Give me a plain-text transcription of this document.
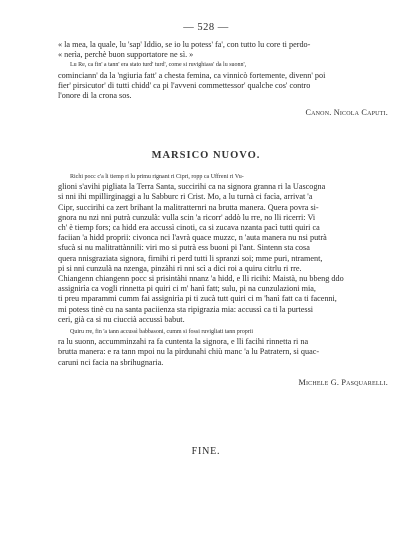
— 528 —
« la mea, la quale, lu 'sap' Iddio, se io lu potess' fa', con tutto lu core ti perdo-
« nerìa, perchè buon supportatore ne sì. »
Lu Re, ca fin' a tann' era stato turd' turd', come si ruvighiass' da lu suonn',
cominciann' da la 'ngiuria fatt' a chesta femina, ca vinnicò fortemente, divenn' poi
fier' pirsicutor' di tutti chidd' ca pi l'avveni commettessor' qualche cos' contro
l'onore di la crona sos.
Canon. Nicola Caputi.
MARSICO NUOVO.
Richi pocc c'a li tiemp ri lu primu rignant ri Cipri, ropp ca Uffreni ri Vu-
glioni s'avihi pigliata la Terra Santa, succirihi ca na signora granna ri la Uascogna
si nni ihi mpillirginaggi a lu Sabburc ri Crist. Mo, a lu turnà ci facìa, arrivat 'a
Cipr, succirihi ca zert brihant la malitratternri na brutta manera. Quera povra si-
gnora nu nzi nni putrà cunzulà: vulla scin 'a ricorr' addò lu rre, no lli ricerri: Vi
ch' è tiemp fors; ca hidd era accussì cinoti, ca si zucava nzanta pacì tutti quiri ca
faciian 'a hidd proprii: civonca nci l'avrà quace muzzc, n 'auta manera nu nsi putrà
sfucà si nu malitrattànnili: viri mo si putrà ess buoni pi l'ant. Sintenn sta cosa
quera nnisgraziata signora, firnihi ri perd tutti li spranzi soi; mme puri, ntrament,
pi si nni cunzulà na nzenga, pinzàhi ri nni scì a dici roi a quiru citrlu ri rre.
Chiangenn chiangenn pocc si prisintàhi nnanz 'a hidd, e lli ricihi: Maistà, nu bbeng ddo
assignirìa ca vogli rinnetta pi quiri ci m' hanì fatt; sulu, pi na cunzulazioni mia,
ti preu mparammi cumm fai assignirìa pi ti zucà tutt quiri ci m 'hanì fatt ca ti facenni,
mi potess tinè cu na santa paciienza sta ripigrazia mia: accussì ca ti la purtessi
ceri, già ca si nu ciuccià accussì babut.
Quiru rre, fin 'a tann accussì babbasoni, cumm si fossi ruvigliati tann proprii
ra lu suonn, accumminzahi ra fa cuntenta la signora, e lli facihi rinnetta ri na
brutta manera: e ra tann mpoi nu la pirdunahi chiù manc 'a lu Patratern, si quac-
caruni nci facia na sbrihugnaria.
Michele G. Pasquarelli.
FINE.
